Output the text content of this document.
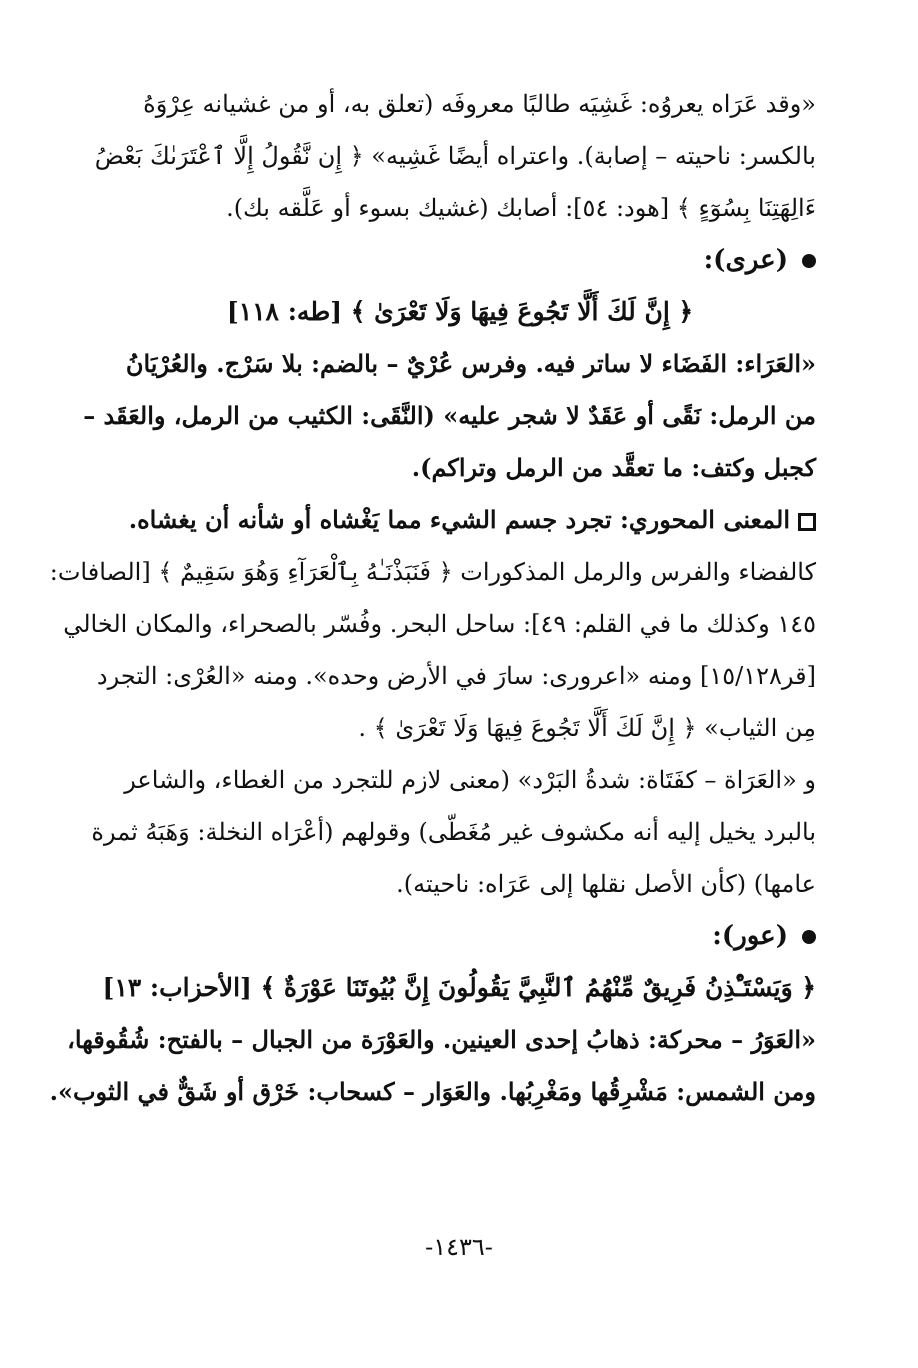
«وقد عَرَاه يعروُه: غَشِيَه طالبًا معروفَه (تعلق به، أو من غشيانه عِرْوَهُ
بالكسر: ناحيته – إصابة). واعتراه أيضًا غَشِيه» ﴿ إِن نَّقُولُ إِلَّا ٱعْتَرَىٰكَ بَعْضُ
ءَالِهَتِنَا بِسُوٓءٍ ﴾ [هود: ٥٤]: أصابك (غشيك بسوء أو عَلَّقه بك).
(عرى):
﴿ إِنَّ لَكَ أَلَّا تَجُوعَ فِيهَا وَلَا تَعْرَىٰ ﴾ [طه: ١١٨]
«العَرَاء: الفَضَاء لا ساتر فيه. وفرس عُرْيٌ – بالضم: بلا سَرْج. والعُرْيَانُ
من الرمل: نَقًى أو عَقَدٌ لا شجر عليه» (النَّقَى: الكثيب من الرمل، والعَقَد –
كجبل وكتف: ما تعقَّد من الرمل وتراكم).
المعنى المحوري: تجرد جسم الشيء مما يَغْشاه أو شأنه أن يغشاه.
كالفضاء والفرس والرمل المذكورات ﴿ فَنَبَذْنَـٰهُ بِٱلْعَرَآءِ وَهُوَ سَقِيمٌ ﴾ [الصافات:
١٤٥ وكذلك ما في القلم: ٤٩]: ساحل البحر. وفُسّر بالصحراء، والمكان الخالي
[قر١٥/١٢٨] ومنه «اعرورى: سارَ في الأرض وحده». ومنه «العُرْى: التجرد
مِن الثياب» ﴿ إِنَّ لَكَ أَلَّا تَجُوعَ فِيهَا وَلَا تَعْرَىٰ ﴾ .
و «العَرَاة – كفَتَاة: شدةُ البَرْد» (معنى لازم للتجرد من الغطاء، والشاعر
بالبرد يخيل إليه أنه مكشوف غير مُغَطّى) وقولهم (أعْرَاه النخلة: وَهَبَهُ ثمرة
عامها) (كأن الأصل نقلها إلى عَرَاه: ناحيته).
(عور):
﴿ وَيَسْتَـْٔذِنُ فَرِيقٌ مِّنْهُمُ ٱلنَّبِيَّ يَقُولُونَ إِنَّ بُيُوتَنَا عَوْرَةٌ ﴾ [الأحزاب: ١٣]
«العَوَرُ – محركة: ذهابُ إحدى العينين. والعَوْرَة من الجبال – بالفتح: شُقُوقها،
ومن الشمس: مَشْرِقُها ومَغْرِبُها. والعَوَار – كسحاب: خَرْق أو شَقٌّ في الثوب».
-١٤٣٦-
